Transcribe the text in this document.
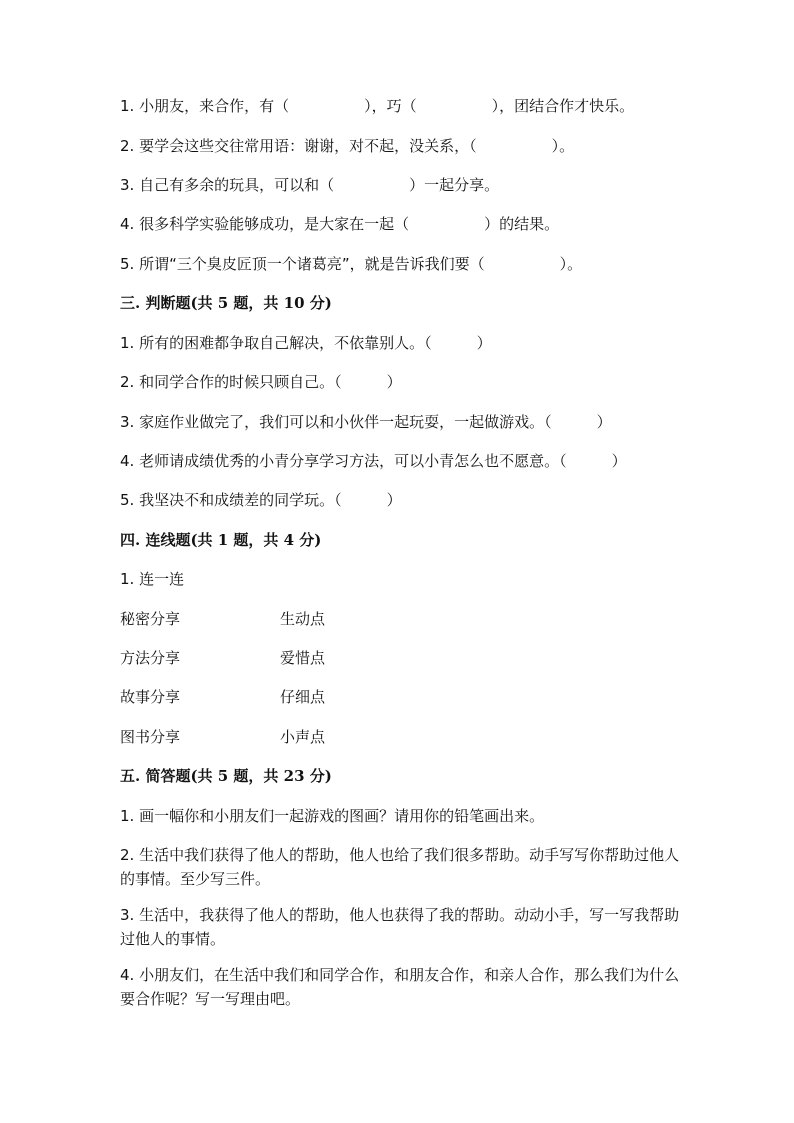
1. 小朋友，来合作，有（　　　　　），巧（　　　　　），团结合作才快乐。
2. 要学会这些交往常用语：谢谢，对不起，没关系，（　　　　　）。
3. 自己有多余的玩具，可以和（　　　　　）一起分享。
4. 很多科学实验能够成功，是大家在一起（　　　　　）的结果。
5. 所谓“三个臭皮匠顶一个诸葛亮”，就是告诉我们要（　　　　　）。
三. 判断题(共 5 题，共 10 分)
1. 所有的困难都争取自己解决，不依靠别人。（　　　）
2. 和同学合作的时候只顾自己。（　　　）
3. 家庭作业做完了，我们可以和小伙伴一起玩耍，一起做游戏。（　　　）
4. 老师请成绩优秀的小青分享学习方法，可以小青怎么也不愿意。（　　　）
5. 我坚决不和成绩差的同学玩。（　　　）
四. 连线题(共 1 题，共 4 分)
1. 连一连
秘密分享	生动点
方法分享	爱惜点
故事分享	仔细点
图书分享	小声点
五. 简答题(共 5 题，共 23 分)
1. 画一幅你和小朋友们一起游戏的图画？请用你的铅笔画出来。
2. 生活中我们获得了他人的帮助，他人也给了我们很多帮助。动手写写你帮助过他人的事情。至少写三件。
3. 生活中，我获得了他人的帮助，他人也获得了我的帮助。动动小手，写一写我帮助过他人的事情。
4. 小朋友们，在生活中我们和同学合作，和朋友合作，和亲人合作，那么我们为什么要合作呢？写一写理由吧。
